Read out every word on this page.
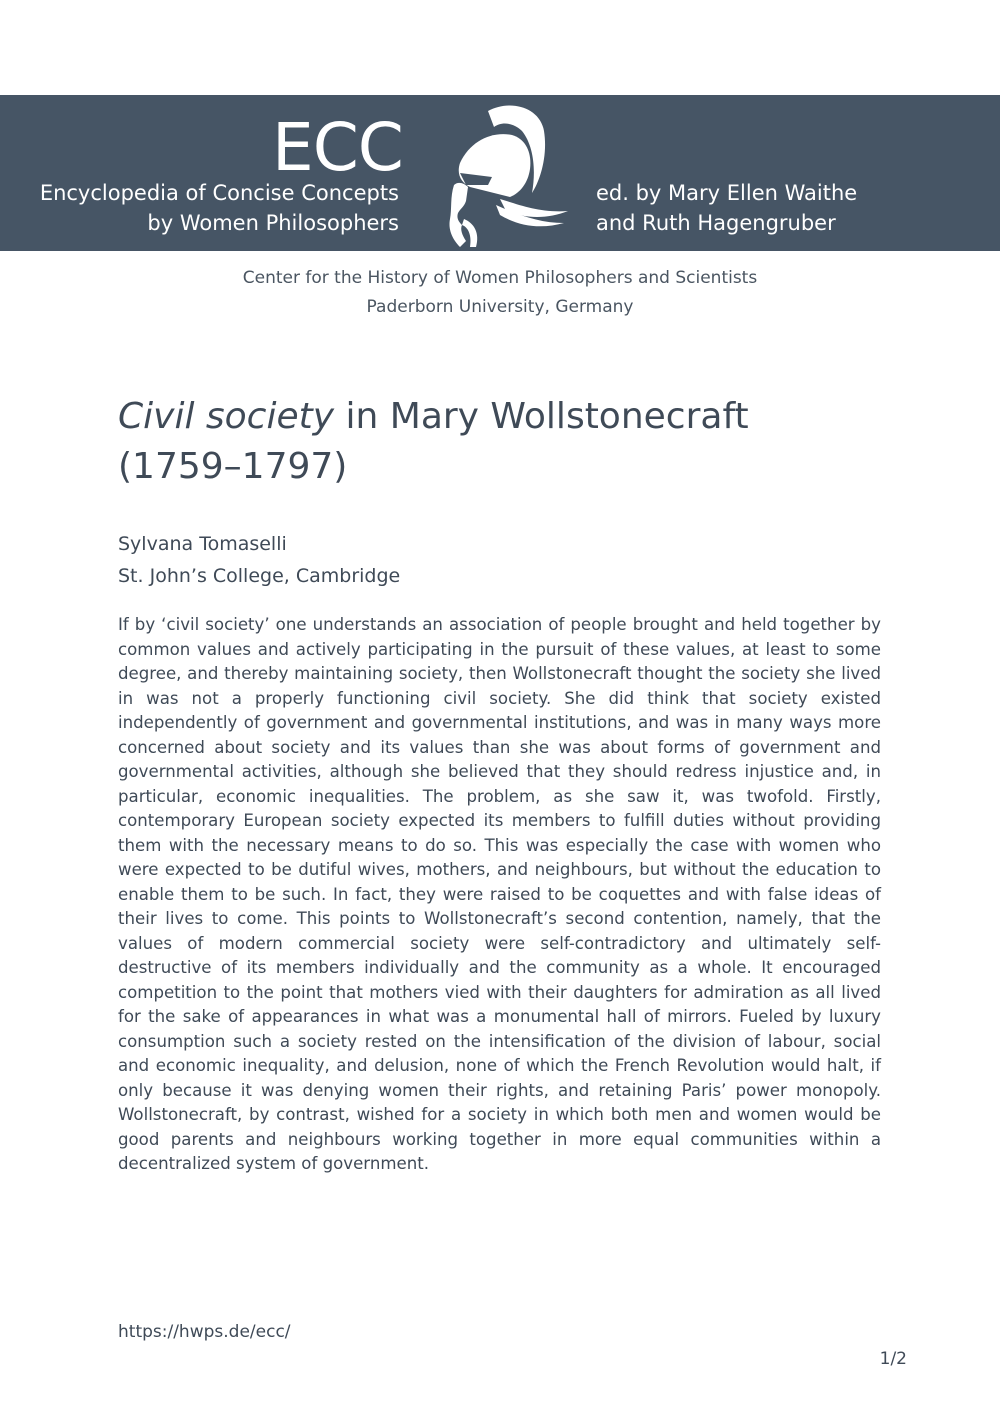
ECC
Encyclopedia of Concise Concepts
by Women Philosophers
ed. by Mary Ellen Waithe
and Ruth Hagengruber
Center for the History of Women Philosophers and Scientists
Paderborn University, Germany
Civil society in Mary Wollstonecraft
(1759–1797)
Sylvana Tomaselli
St. John’s College, Cambridge

If by ‘civil society’ one understands an association of people brought and held together by common values and actively participating in the pursuit of these values, at least to some degree, and thereby maintaining society, then Wollstonecraft thought the society she lived in was not a properly functioning civil society. She did think that society existed independently of government and governmental institutions, and was in many ways more concerned about society and its values than she was about forms of government and governmental activities, although she believed that they should redress injustice and, in particular, economic inequalities. The problem, as she saw it, was twofold. Firstly, contemporary European society expected its members to fulfill duties without providing them with the necessary means to do so. This was especially the case with women who were expected to be dutiful wives, mothers, and neighbours, but without the education to enable them to be such. In fact, they were raised to be coquettes and with false ideas of their lives to come. This points to Wollstonecraft’s second contention, namely, that the values of modern commercial society were self-contradictory and ultimately self-destructive of its members individually and the community as a whole. It encouraged competition to the point that mothers vied with their daughters for admiration as all lived for the sake of appearances in what was a monumental hall of mirrors. Fueled by luxury consumption such a society rested on the intensification of the division of labour, social and economic inequality, and delusion, none of which the French Revolution would halt, if only because it was denying women their rights, and retaining Paris’ power monopoly. Wollstonecraft, by contrast, wished for a society in which both men and women would be good parents and neighbours working together in more equal communities within a decentralized system of government.

https://hwps.de/ecc/
1/2
